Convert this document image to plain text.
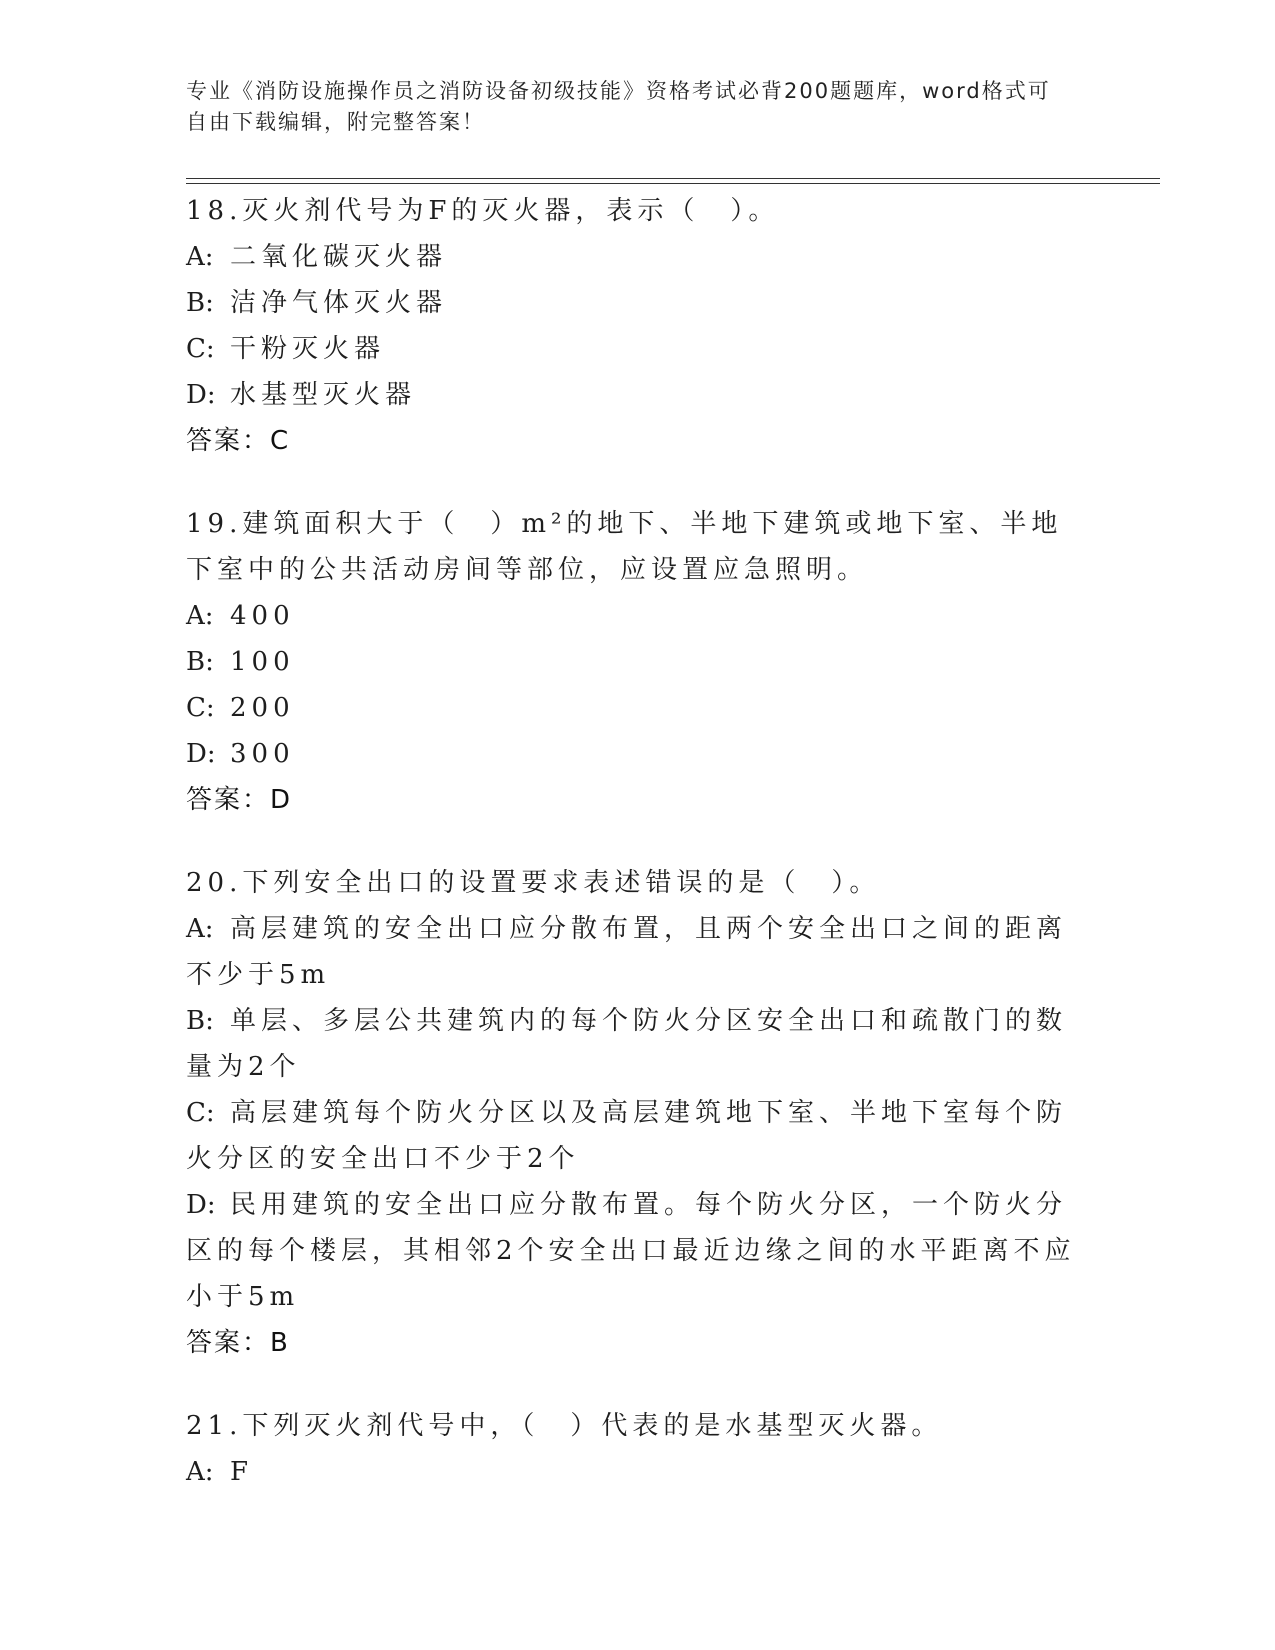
专业《消防设施操作员之消防设备初级技能》资格考试必背200题题库，word格式可自由下载编辑，附完整答案！
18.灭火剂代号为F的灭火器，表示（　）。
A: 二氧化碳灭火器
B: 洁净气体灭火器
C: 干粉灭火器
D: 水基型灭火器
答案：C
19.建筑面积大于（　）m²的地下、半地下建筑或地下室、半地下室中的公共活动房间等部位，应设置应急照明。
A: 400
B: 100
C: 200
D: 300
答案：D
20.下列安全出口的设置要求表述错误的是（　）。
A: 高层建筑的安全出口应分散布置，且两个安全出口之间的距离不少于5m
B: 单层、多层公共建筑内的每个防火分区安全出口和疏散门的数量为2个
C: 高层建筑每个防火分区以及高层建筑地下室、半地下室每个防火分区的安全出口不少于2个
D: 民用建筑的安全出口应分散布置。每个防火分区，一个防火分区的每个楼层，其相邻2个安全出口最近边缘之间的水平距离不应小于5m
答案：B
21.下列灭火剂代号中，（　）代表的是水基型灭火器。
A: F
